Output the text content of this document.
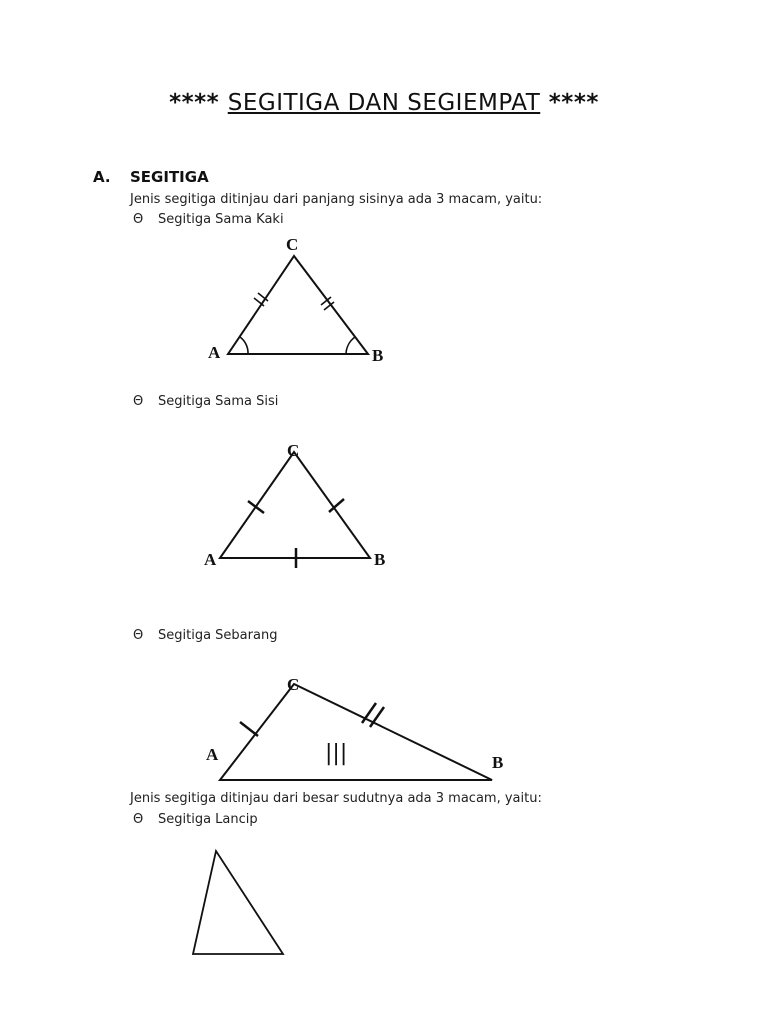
**** SEGITIGA DAN SEGIEMPAT ****
A. SEGITIGA
Jenis segitiga ditinjau dari panjang sisinya ada 3 macam, yaitu:
Θ Segitiga Sama Kaki
A	B
C
Θ Segitiga Sama Sisi
A	B
C
Θ Segitiga Sebarang
|||
A	B
C
Jenis segitiga ditinjau dari besar sudutnya ada 3 macam, yaitu:
Θ Segitiga Lancip
